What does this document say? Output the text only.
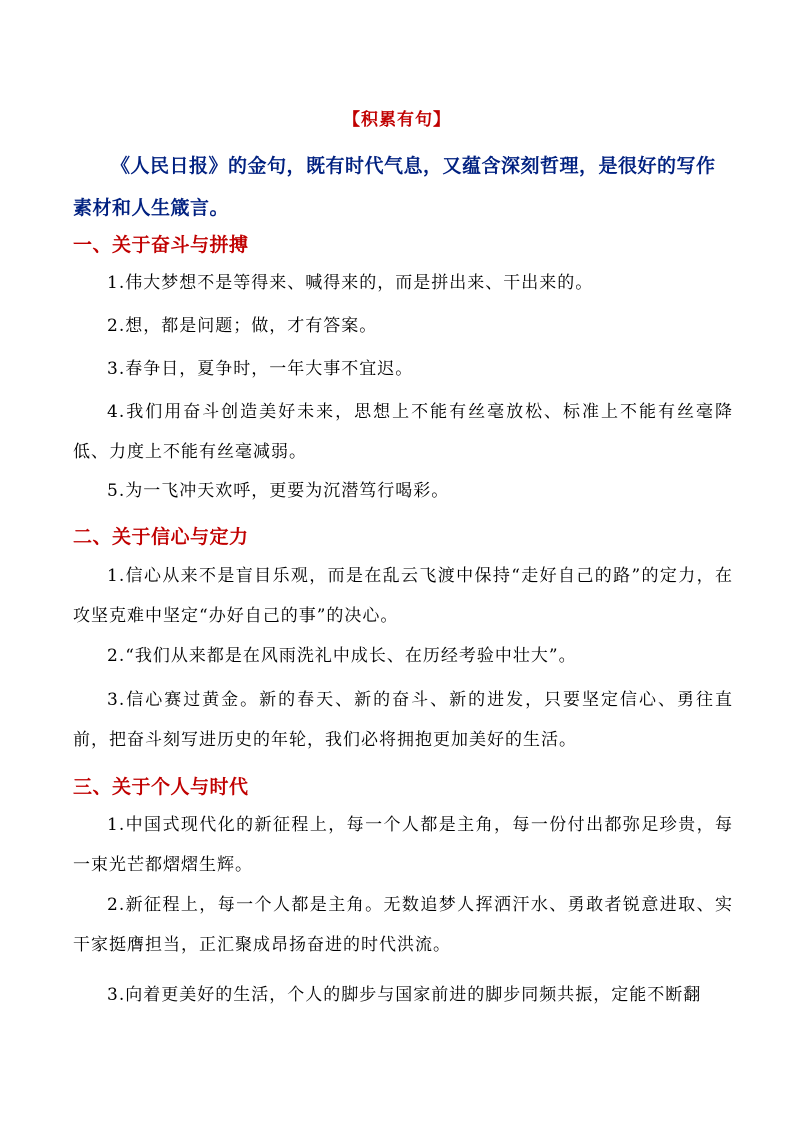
【积累有句】
《人民日报》的金句，既有时代气息，又蕴含深刻哲理，是很好的写作素材和人生箴言。
一、关于奋斗与拼搏
1.伟大梦想不是等得来、喊得来的，而是拼出来、干出来的。
2.想，都是问题；做，才有答案。
3.春争日，夏争时，一年大事不宜迟。
4.我们用奋斗创造美好未来，思想上不能有丝毫放松、标准上不能有丝毫降低、力度上不能有丝毫减弱。
5.为一飞冲天欢呼，更要为沉潜笃行喝彩。
二、关于信心与定力
1.信心从来不是盲目乐观，而是在乱云飞渡中保持“走好自己的路”的定力，在攻坚克难中坚定“办好自己的事”的决心。
2.“我们从来都是在风雨洗礼中成长、在历经考验中壮大”。
3.信心赛过黄金。新的春天、新的奋斗、新的进发，只要坚定信心、勇往直前，把奋斗刻写进历史的年轮，我们必将拥抱更加美好的生活。
三、关于个人与时代
1.中国式现代化的新征程上，每一个人都是主角，每一份付出都弥足珍贵，每一束光芒都熠熠生辉。
2.新征程上，每一个人都是主角。无数追梦人挥洒汗水、勇敢者锐意进取、实干家挺膺担当，正汇聚成昂扬奋进的时代洪流。
3.向着更美好的生活，个人的脚步与国家前进的脚步同频共振，定能不断翻
